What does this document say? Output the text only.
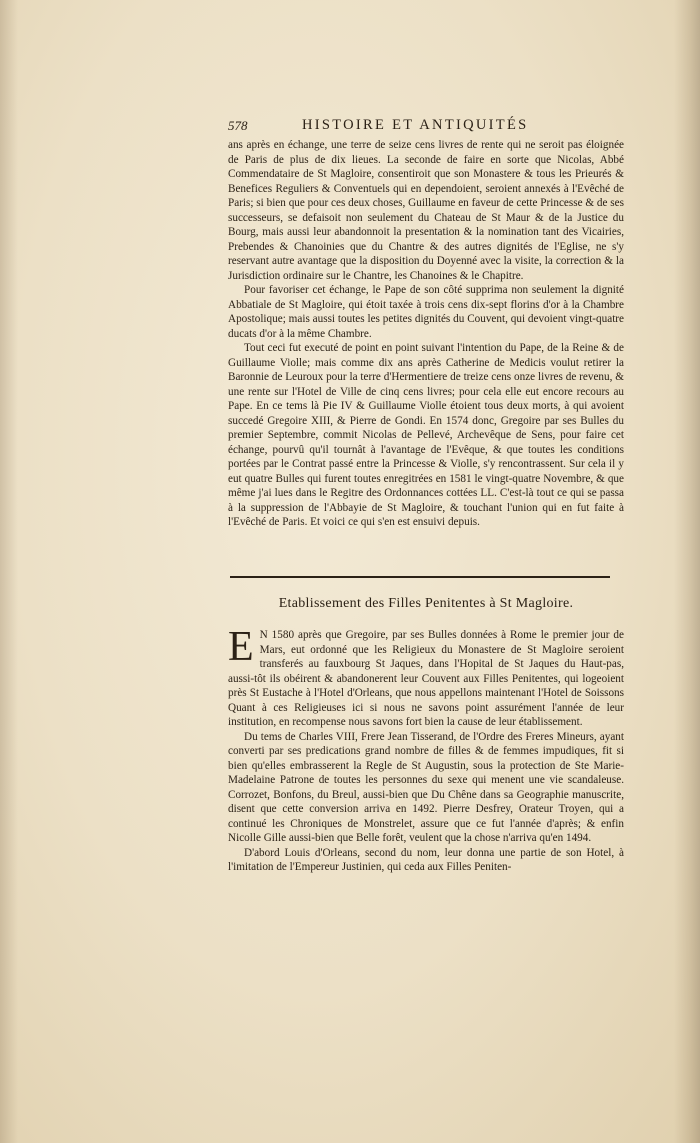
578	HISTOIRE ET ANTIQUITÉS

ans après en échange, une terre de seize cens livres de rente qui ne seroit pas éloignée de Paris de plus de dix lieues. La seconde de faire en sorte que Nicolas, Abbé Commendataire de St Magloire, consentiroit que son Monastere & tous les Prieurés & Benefices Reguliers & Conventuels qui en dependoient, seroient annexés à l'Evêché de Paris; si bien que pour ces deux choses, Guillaume en faveur de cette Princesse & de ses successeurs, se defaisoit non seulement du Chateau de St Maur & de la Justice du Bourg, mais aussi leur abandonnoit la presentation & la nomination tant des Vicairies, Prebendes & Chanoinies que du Chantre & des autres dignités de l'Eglise, ne s'y reservant autre avantage que la disposition du Doyenné avec la visite, la correction & la Jurisdiction ordinaire sur le Chantre, les Chanoines & le Chapitre.

Pour favoriser cet échange, le Pape de son côté supprima non seulement la dignité Abbatiale de St Magloire, qui étoit taxée à trois cens dix-sept florins d'or à la Chambre Apostolique; mais aussi toutes les petites dignités du Couvent, qui devoient vingt-quatre ducats d'or à la même Chambre.

Tout ceci fut executé de point en point suivant l'intention du Pape, de la Reine & de Guillaume Violle; mais comme dix ans après Catherine de Medicis voulut retirer la Baronnie de Leuroux pour la terre d'Hermentiere de treize cens onze livres de revenu, & une rente sur l'Hotel de Ville de cinq cens livres; pour cela elle eut encore recours au Pape. En ce tems là Pie IV & Guillaume Violle étoient tous deux morts, à qui avoient succedé Gregoire XIII, & Pierre de Gondi. En 1574 donc, Gregoire par ses Bulles du premier Septembre, commit Nicolas de Pellevé, Archevêque de Sens, pour faire cet échange, pourvû qu'il tournât à l'avantage de l'Evêque, & que toutes les conditions portées par le Contrat passé entre la Princesse & Violle, s'y rencontrassent. Sur cela il y eut quatre Bulles qui furent toutes enregitrées en 1581 le vingt-quatre Novembre, & que même j'ai lues dans le Regitre des Ordonnances cottées LL. C'est-là tout ce qui se passa à la suppression de l'Abbayie de St Magloire, & touchant l'union qui en fut faite à l'Evêché de Paris. Et voici ce qui s'en est ensuivi depuis.

Etablissement des Filles Penitentes à St Magloire.

E N 1580 après que Gregoire, par ses Bulles données à Rome le premier jour de Mars, eut ordonné que les Religieux du Monastere de St Magloire seroient transferés au fauxbourg St Jaques, dans l'Hopital de St Jaques du Haut-pas, aussi-tôt ils obéirent & abandonerent leur Couvent aux Filles Penitentes, qui logeoient près St Eustache à l'Hotel d'Orleans, que nous appellons maintenant l'Hotel de Soissons Quant à ces Religieuses ici si nous ne savons point assurément l'année de leur institution, en recompense nous savons fort bien la cause de leur établissement.

Du tems de Charles VIII, Frere Jean Tisserand, de l'Ordre des Freres Mineurs, ayant converti par ses predications grand nombre de filles & de femmes impudiques, fit si bien qu'elles embrasserent la Regle de St Augustin, sous la protection de Ste Marie-Madelaine Patrone de toutes les personnes du sexe qui menent une vie scandaleuse. Corrozet, Bonfons, du Breul, aussi-bien que Du Chêne dans sa Geographie manuscrite, disent que cette conversion arriva en 1492. Pierre Desfrey, Orateur Troyen, qui a continué les Chroniques de Monstrelet, assure que ce fut l'année d'après; & enfin Nicolle Gille aussi-bien que Belle forêt, veulent que la chose n'arriva qu'en 1494.

D'abord Louis d'Orleans, second du nom, leur donna une partie de son Hotel, à l'imitation de l'Empereur Justinien, qui ceda aux Filles Peniten-
